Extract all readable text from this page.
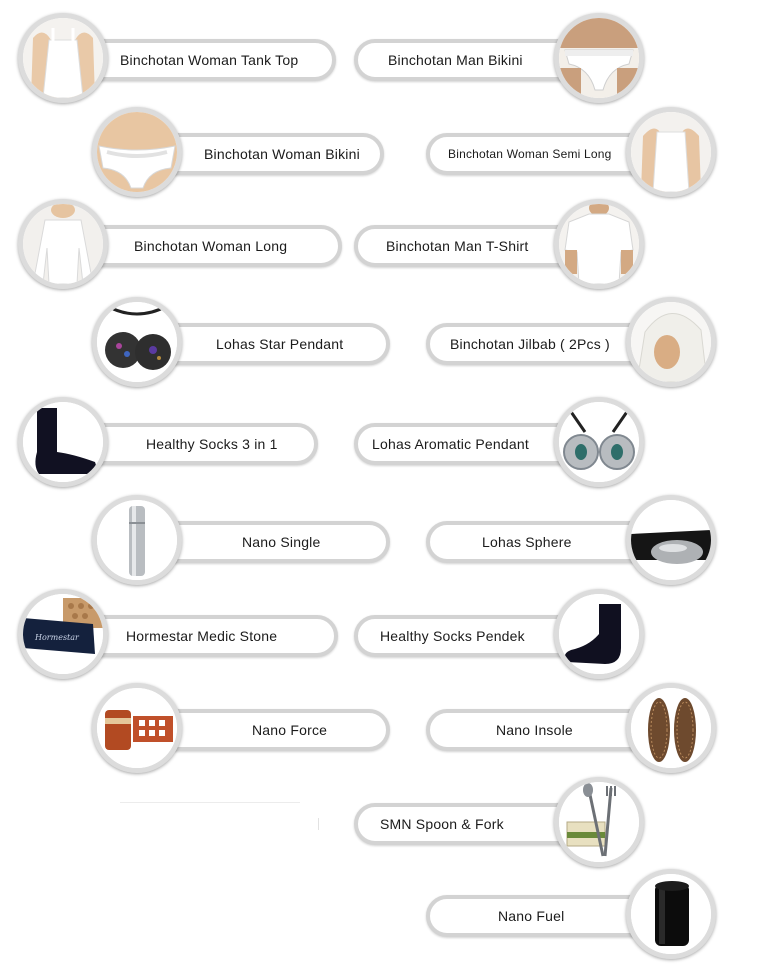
Binchotan Woman Tank Top	Binchotan Man Bikini
Binchotan Woman Bikini	Binchotan Woman Semi Long
Binchotan Woman Long	Binchotan Man T-Shirt
Lohas Star Pendant	Binchotan Jilbab ( 2Pcs )
Healthy Socks 3 in 1	Lohas Aromatic Pendant
Nano Single	Lohas Sphere
Hormestar Medic Stone
Hormestar	Healthy Socks Pendek
Nano Force	Nano Insole
SMN Spoon & Fork
Nano Fuel
